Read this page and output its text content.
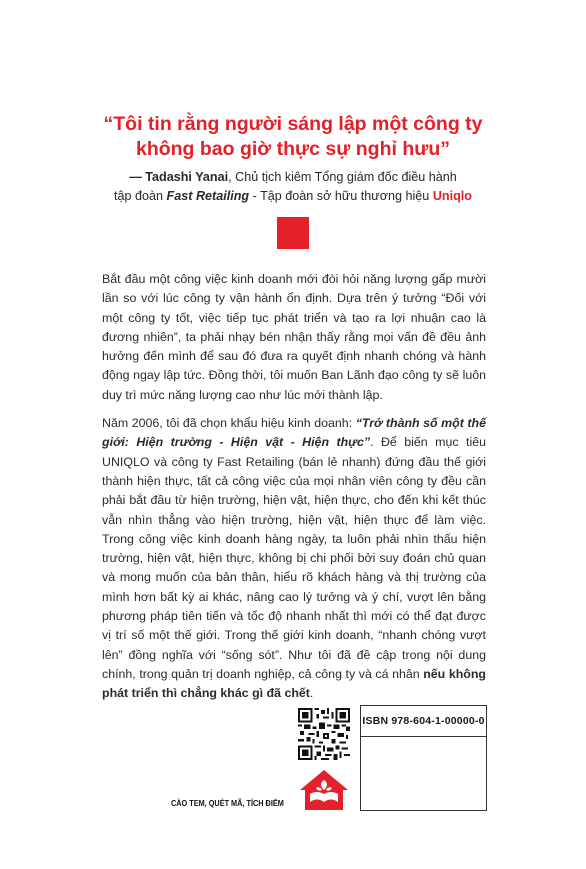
“Tôi tin rằng người sáng lập một công ty
không bao giờ thực sự nghỉ hưu”

— Tadashi Yanai, Chủ tịch kiêm Tổng giám đốc điều hành
tập đoàn Fast Retailing - Tập đoàn sở hữu thương hiệu Uniqlo

Bắt đầu một công việc kinh doanh mới đòi hỏi năng lượng gấp mười lần so với lúc công ty vận hành ổn định. Dựa trên ý tưởng “Đối với một công ty tốt, việc tiếp tục phát triển và tạo ra lợi nhuận cao là đương nhiên”, ta phải nhạy bén nhận thấy rằng mọi vấn đề đều ảnh hưởng đến mình để sau đó đưa ra quyết định nhanh chóng và hành động ngay lập tức. Đồng thời, tôi muốn Ban Lãnh đạo công ty sẽ luôn duy trì mức năng lượng cao như lúc mới thành lập.

Năm 2006, tôi đã chọn khẩu hiệu kinh doanh: “Trở thành số một thế giới: Hiện trường - Hiện vật - Hiện thực”. Để biến mục tiêu UNIQLO và công ty Fast Retailing (bán lẻ nhanh) đứng đầu thế giới thành hiện thực, tất cả công việc của mọi nhân viên công ty đều cần phải bắt đầu từ hiện trường, hiện vật, hiện thực, cho đến khi kết thúc vẫn nhìn thẳng vào hiện trường, hiện vật, hiện thực để làm việc. Trong công việc kinh doanh hàng ngày, ta luôn phải nhìn thấu hiện trường, hiện vật, hiện thực, không bị chi phối bởi suy đoán chủ quan và mong muốn của bản thân, hiểu rõ khách hàng và thị trường của mình hơn bất kỳ ai khác, nâng cao lý tưởng và ý chí, vượt lên bằng phương pháp tiên tiến và tốc độ nhanh nhất thì mới có thể đạt được vị trí số một thế giới. Trong thế giới kinh doanh, “nhanh chóng vượt lên” đồng nghĩa với “sống sót”. Như tôi đã đề cập trong nội dung chính, trong quản trị doanh nghiệp, cả công ty và cá nhân nếu không phát triển thì chẳng khác gì đã chết.

ISBN 978-604-1-00000-0
CÀO TEM, QUÉT MÃ, TÍCH ĐIỂM
